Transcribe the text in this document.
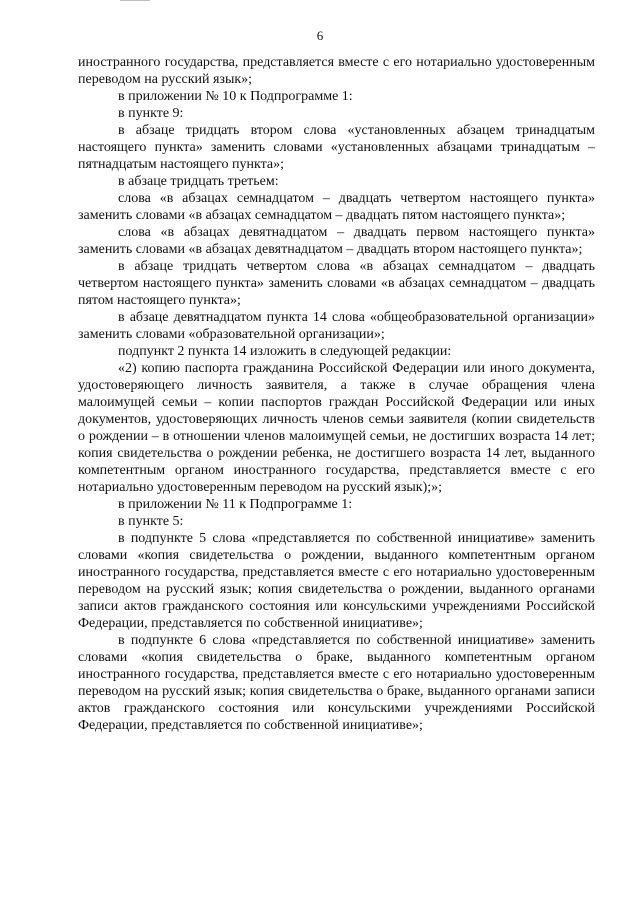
6

иностранного государства, представляется вместе с его нотариально удостоверенным переводом на русский язык»;

в приложении № 10 к Подпрограмме 1:

в пункте 9:

в абзаце тридцать втором слова «установленных абзацем тринадцатым настоящего пункта» заменить словами «установленных абзацами тринадцатым – пятнадцатым настоящего пункта»;

в абзаце тридцать третьем:

слова «в абзацах семнадцатом – двадцать четвертом настоящего пункта» заменить словами «в абзацах семнадцатом – двадцать пятом настоящего пункта»;

слова «в абзацах девятнадцатом – двадцать первом настоящего пункта» заменить словами «в абзацах девятнадцатом – двадцать втором настоящего пункта»;

в абзаце тридцать четвертом слова «в абзацах семнадцатом – двадцать четвертом настоящего пункта» заменить словами «в абзацах семнадцатом – двадцать пятом настоящего пункта»;

в абзаце девятнадцатом пункта 14 слова «общеобразовательной организации» заменить словами «образовательной организации»;

подпункт 2 пункта 14 изложить в следующей редакции:

«2) копию паспорта гражданина Российской Федерации или иного документа, удостоверяющего личность заявителя, а также в случае обращения члена малоимущей семьи – копии паспортов граждан Российской Федерации или иных документов, удостоверяющих личность членов семьи заявителя (копии свидетельств о рождении – в отношении членов малоимущей семьи, не достигших возраста 14 лет; копия свидетельства о рождении ребенка, не достигшего возраста 14 лет, выданного компетентным органом иностранного государства, представляется вместе с его нотариально удостоверенным переводом на русский язык);»;

в приложении № 11 к Подпрограмме 1:

в пункте 5:

в подпункте 5 слова «представляется по собственной инициативе» заменить словами «копия свидетельства о рождении, выданного компетентным органом иностранного государства, представляется вместе с его нотариально удостоверенным переводом на русский язык; копия свидетельства о рождении, выданного органами записи актов гражданского состояния или консульскими учреждениями Российской Федерации, представляется по собственной инициативе»;

в подпункте 6 слова «представляется по собственной инициативе» заменить словами «копия свидетельства о браке, выданного компетентным органом иностранного государства, представляется вместе с его нотариально удостоверенным переводом на русский язык; копия свидетельства о браке, выданного органами записи актов гражданского состояния или консульскими учреждениями Российской Федерации, представляется по собственной инициативе»;
